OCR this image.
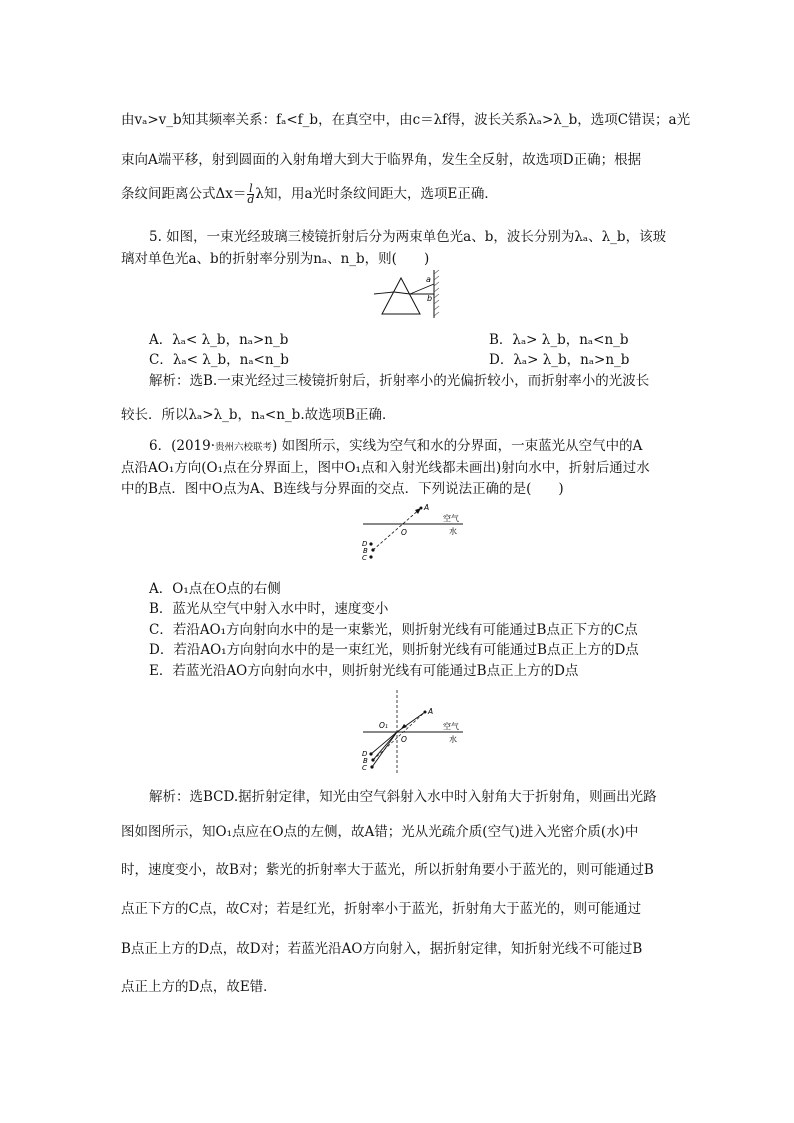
由vₐ>v_b知其频率关系：fₐ<f_b，在真空中，由c＝λf得，波长关系λₐ>λ_b，选项C错误；a光
束向A端平移，射到圆面的入射角增大到大于临界角，发生全反射，故选项D正确；根据
条纹间距离公式$\Delta x= \frac{l}{d}$ λ知，用a光时条纹间距大，选项E正确．
5. 如图，一束光经玻璃三棱镜折射后分为两束单色光a、b，波长分别为λₐ、λ_b，该玻
璃对单色光a、b的折射率分别为nₐ、n_b，则(　　)
a
b
A．λₐ< λ_b，nₐ>n_b	B．λₐ> λ_b，nₐ<n_b
C．λₐ< λ_b，nₐ<n_b	D．λₐ> λ_b，nₐ>n_b
解析：选B.一束光经过三棱镜折射后，折射率小的光偏折较小，而折射率小的光波长
较长．所以λₐ>λ_b，nₐ<n_b.故选项B正确．
6．(2019·贵州六校联考) 如图所示，实线为空气和水的分界面，一束蓝光从空气中的A
点沿AO₁方向(O₁点在分界面上，图中O₁点和入射光线都未画出)射向水中，折射后通过水
中的B点．图中O点为A、B连线与分界面的交点．下列说法正确的是(　　)
A
O
D
B
C
空气
水
A．O₁点在O点的右侧
B．蓝光从空气中射入水中时，速度变小
C．若沿AO₁方向射向水中的是一束紫光，则折射光线有可能通过B点正下方的C点
D．若沿AO₁方向射向水中的是一束红光，则折射光线有可能通过B点正上方的D点
E．若蓝光沿AO方向射向水中，则折射光线有可能通过B点正上方的D点
O₁
A
O
D
B
C
空气
水
解析：选BCD.据折射定律，知光由空气斜射入水中时入射角大于折射角，则画出光路
图如图所示，知O₁点应在O点的左侧，故A错；光从光疏介质(空气)进入光密介质(水)中
时，速度变小，故B对；紫光的折射率大于蓝光，所以折射角要小于蓝光的，则可能通过B
点正下方的C点，故C对；若是红光，折射率小于蓝光，折射角大于蓝光的，则可能通过
B点正上方的D点，故D对；若蓝光沿AO方向射入，据折射定律，知折射光线不可能过B
点正上方的D点，故E错．
